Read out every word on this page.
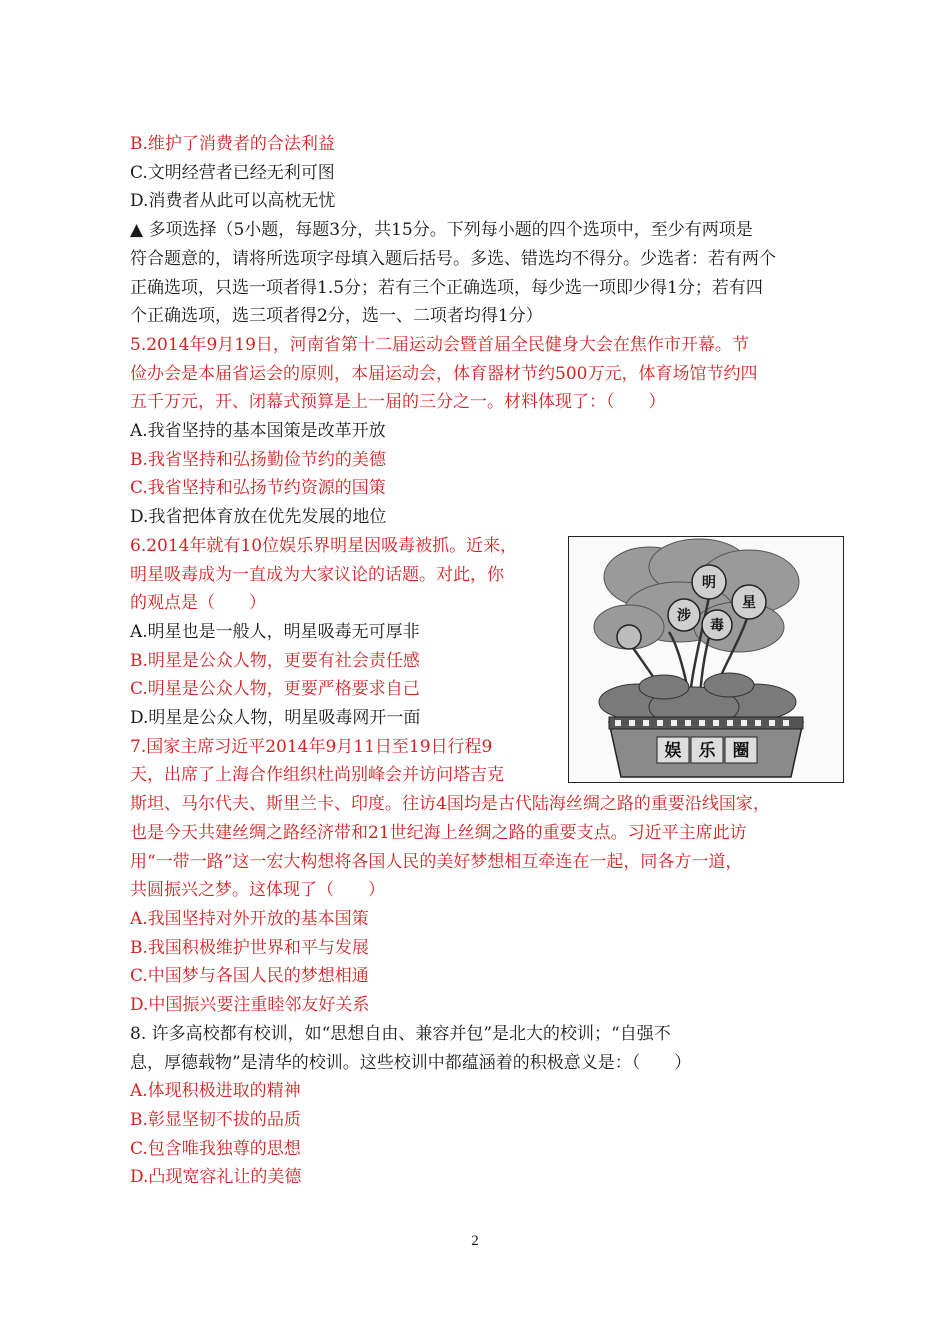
B.维护了消费者的合法利益
C.文明经营者已经无利可图
D.消费者从此可以高枕无忧
▲ 多项选择（5小题，每题3分，共15分。下列每小题的四个选项中，至少有两项是
符合题意的，请将所选项字母填入题后括号。多选、错选均不得分。少选者：若有两个
正确选项，只选一项者得1.5分；若有三个正确选项，每少选一项即少得1分；若有四
个正确选项，选三项者得2分，选一、二项者均得1分）
5.2014年9月19日，河南省第十二届运动会暨首届全民健身大会在焦作市开幕。节
俭办会是本届省运会的原则，本届运动会，体育器材节约500万元，体育场馆节约四
五千万元，开、闭幕式预算是上一届的三分之一。材料体现了：（　　）
A.我省坚持的基本国策是改革开放
B.我省坚持和弘扬勤俭节约的美德
C.我省坚持和弘扬节约资源的国策
D.我省把体育放在优先发展的地位
6.2014年就有10位娱乐界明星因吸毒被抓。近来，
明星吸毒成为一直成为大家议论的话题。对此，你
的观点是（　　）
A.明星也是一般人，明星吸毒无可厚非
B.明星是公众人物，更要有社会责任感
C.明星是公众人物，更要严格要求自己
D.明星是公众人物，明星吸毒网开一面
7.国家主席习近平2014年9月11日至19日行程9
天，出席了上海合作组织杜尚别峰会并访问塔吉克
斯坦、马尔代夫、斯里兰卡、印度。往访4国均是古代陆海丝绸之路的重要沿线国家，
也是今天共建丝绸之路经济带和21世纪海上丝绸之路的重要支点。习近平主席此访
用“一带一路”这一宏大构想将各国人民的美好梦想相互牵连在一起，同各方一道，
共圆振兴之梦。这体现了（　　）
A.我国坚持对外开放的基本国策
B.我国积极维护世界和平与发展
C.中国梦与各国人民的梦想相通
D.中国振兴要注重睦邻友好关系
8. 许多高校都有校训，如“思想自由、兼容并包”是北大的校训；“自强不
息，厚德载物”是清华的校训。这些校训中都蕴涵着的积极意义是：（　　）
A.体现积极进取的精神
B.彰显坚韧不拔的品质
C.包含唯我独尊的思想
D.凸现宽容礼让的美德
明
星
涉
毒
娱 乐 圈
2
